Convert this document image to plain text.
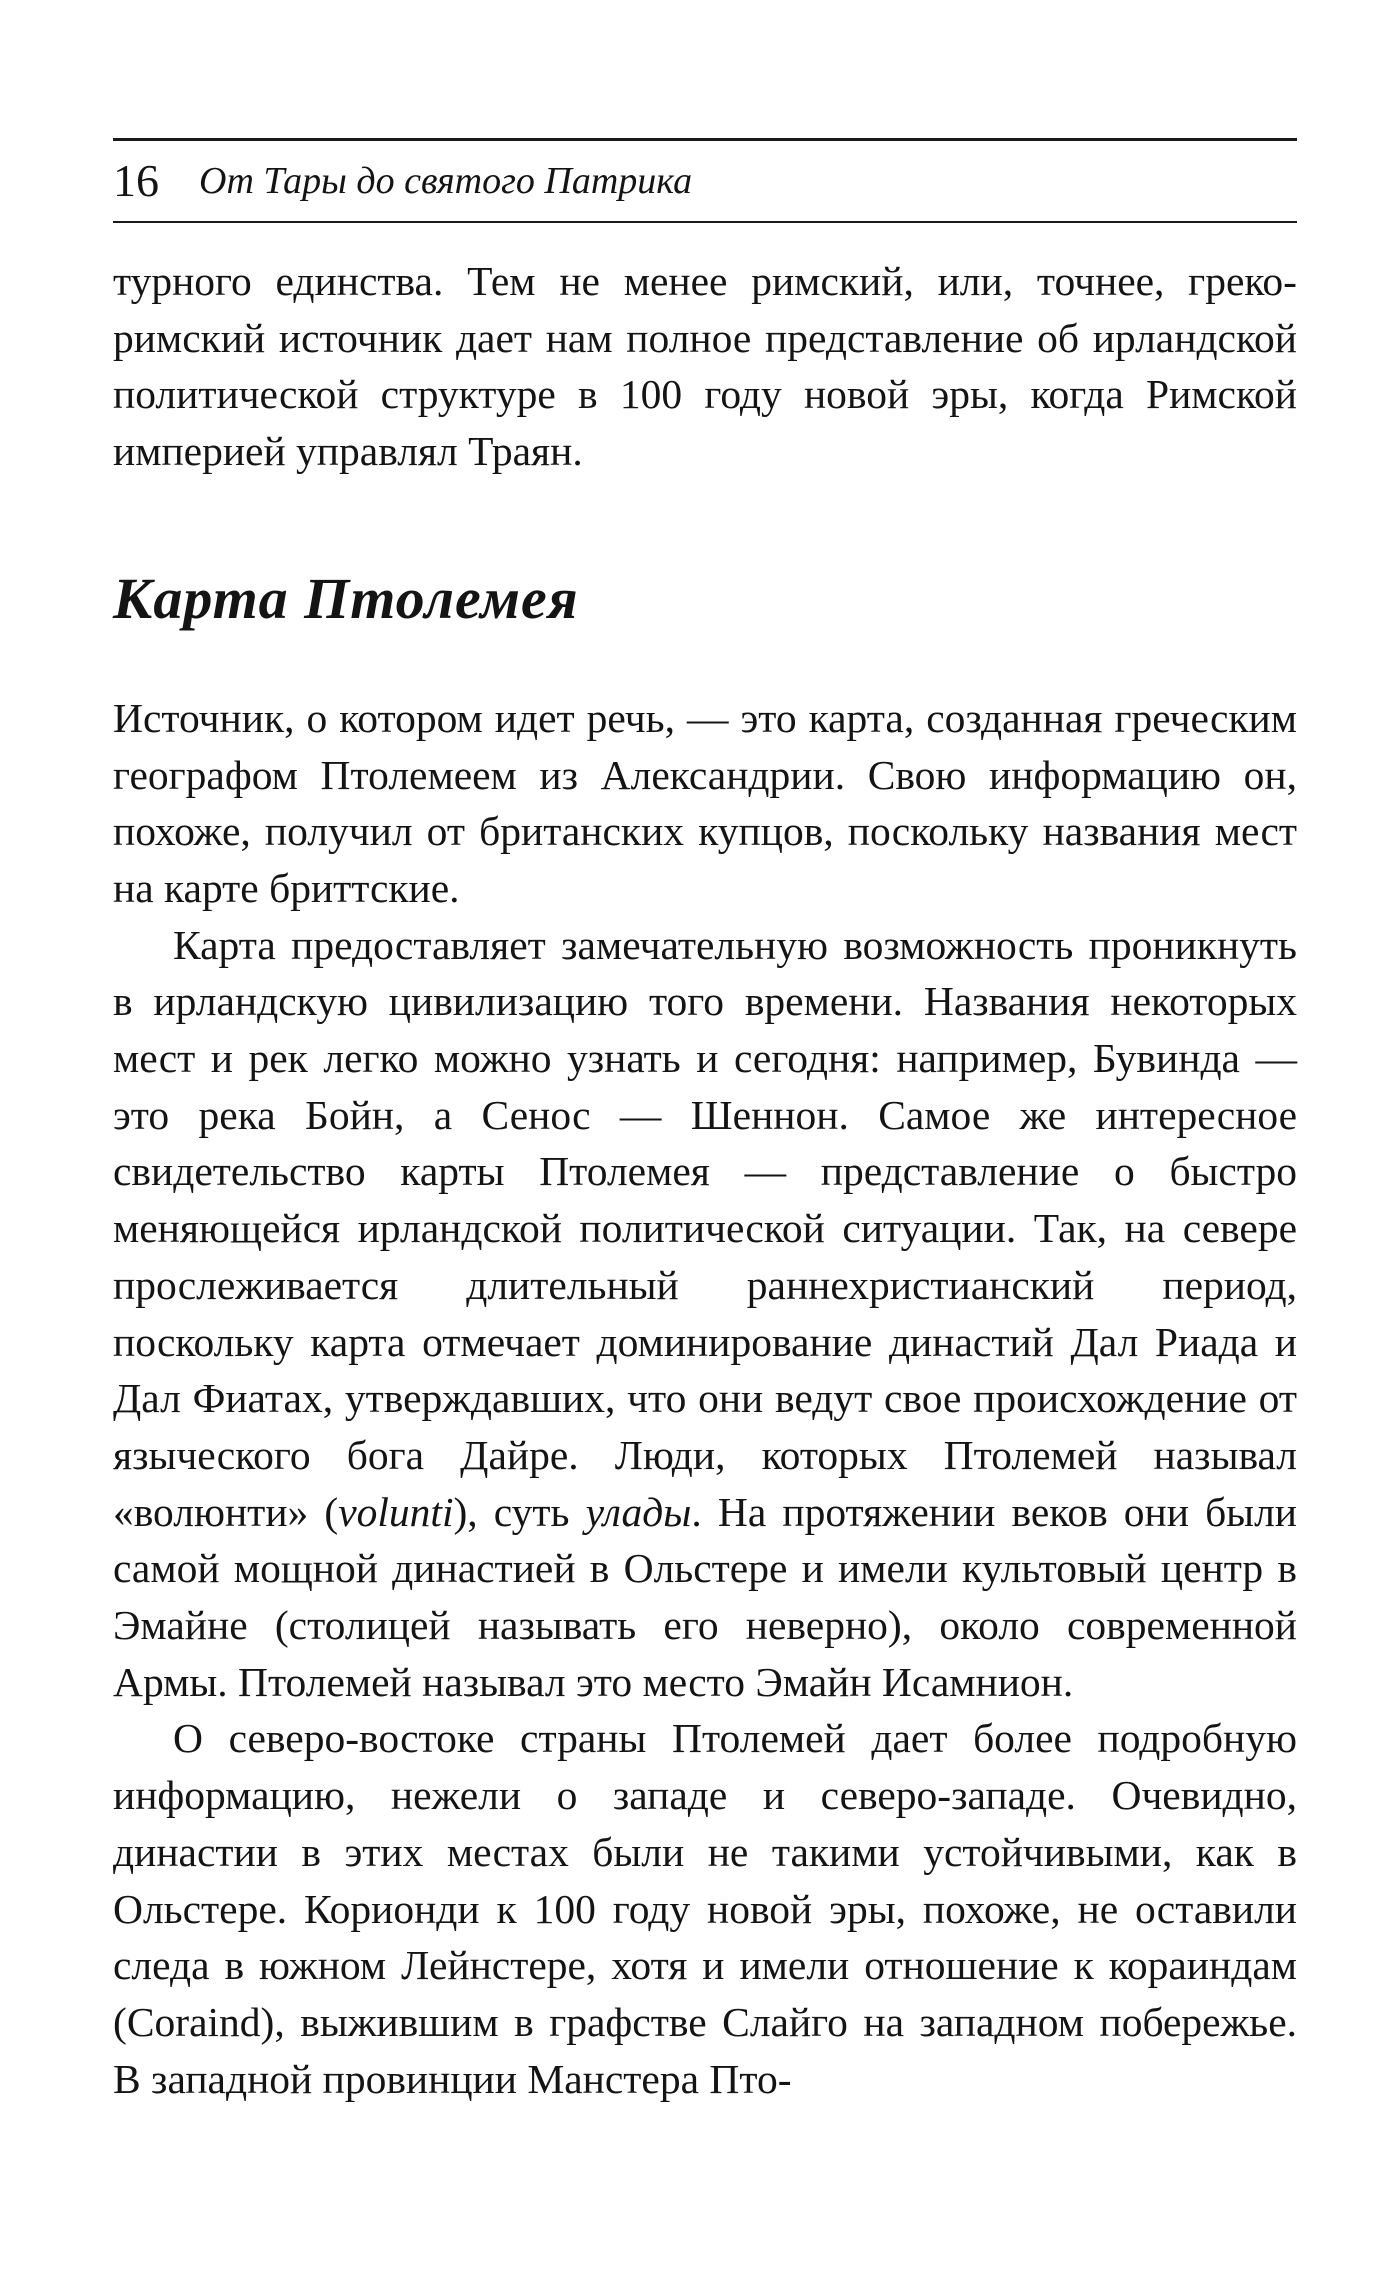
16 От Тары до святого Патрика

турного единства. Тем не менее римский, или, точнее, греко-римский источник дает нам полное представление об ирландской политической структуре в 100 году новой эры, когда Римской империей управлял Траян.

Карта Птолемея

Источник, о котором идет речь, — это карта, созданная греческим географом Птолемеем из Александрии. Свою информацию он, похоже, получил от британских купцов, поскольку названия мест на карте бриттские.

Карта предоставляет замечательную возможность проникнуть в ирландскую цивилизацию того времени. Названия некоторых мест и рек легко можно узнать и сегодня: например, Бувинда — это река Бойн, а Сенос — Шеннон. Самое же интересное свидетельство карты Птолемея — представление о быстро меняющейся ирландской политической ситуации. Так, на севере прослеживается длительный раннехристианский период, поскольку карта отмечает доминирование династий Дал Риада и Дал Фиатах, утверждавших, что они ведут свое происхождение от языческого бога Дайре. Люди, которых Птолемей называл «волюнти» (volunti), суть улады. На протяжении веков они были самой мощной династией в Ольстере и имели культовый центр в Эмайне (столицей называть его неверно), около современной Армы. Птолемей называл это место Эмайн Исамнион.

О северо-востоке страны Птолемей дает более подробную информацию, нежели о западе и северо-западе. Очевидно, династии в этих местах были не такими устойчивыми, как в Ольстере. Кориoнди к 100 году новой эры, похоже, не оставили следа в южном Лейнстере, хотя и имели отношение к кораиндам (Coraind), выжившим в графстве Слайго на западном побережье. В западной провинции Манстера Пто-
